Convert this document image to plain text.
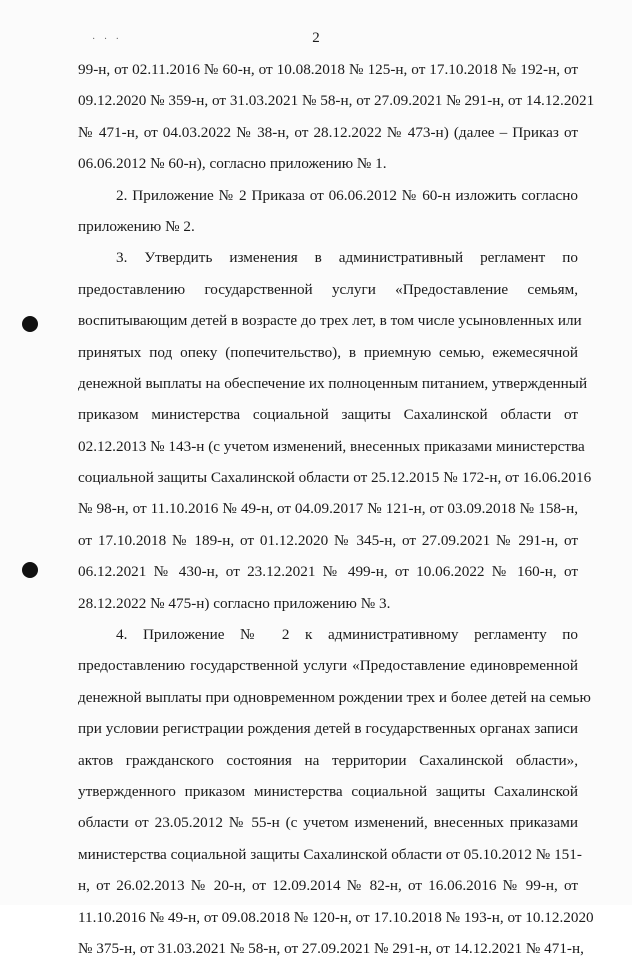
· · ·	2
99-н, от 02.11.2016 № 60-н, от 10.08.2018 № 125-н, от 17.10.2018 № 192-н, от
09.12.2020 № 359-н, от 31.03.2021 № 58-н, от 27.09.2021 № 291-н, от 14.12.2021
№ 471-н, от 04.03.2022 № 38-н, от 28.12.2022 № 473-н) (далее – Приказ от
06.06.2012 № 60-н), согласно приложению № 1.
2. Приложение № 2 Приказа от 06.06.2012 № 60-н изложить согласно
приложению № 2.
3. Утвердить изменения в административный регламент по
предоставлению государственной услуги «Предоставление семьям,
воспитывающим детей в возрасте до трех лет, в том числе усыновленных или
принятых под опеку (попечительство), в приемную семью, ежемесячной
денежной выплаты на обеспечение их полноценным питанием, утвержденный
приказом министерства социальной защиты Сахалинской области от
02.12.2013 № 143-н (с учетом изменений, внесенных приказами министерства
социальной защиты Сахалинской области от 25.12.2015 № 172-н, от 16.06.2016
№ 98-н, от 11.10.2016 № 49-н, от 04.09.2017 № 121-н, от 03.09.2018 № 158-н,
от 17.10.2018 № 189-н, от 01.12.2020 № 345-н, от 27.09.2021 № 291-н, от
06.12.2021 № 430-н, от 23.12.2021 № 499-н, от 10.06.2022 № 160-н, от
28.12.2022 № 475-н) согласно приложению № 3.
4. Приложение № 2 к административному регламенту по
предоставлению государственной услуги «Предоставление единовременной
денежной выплаты при одновременном рождении трех и более детей на семью
при условии регистрации рождения детей в государственных органах записи
актов гражданского состояния на территории Сахалинской области»,
утвержденного приказом министерства социальной защиты Сахалинской
области от 23.05.2012 № 55-н (с учетом изменений, внесенных приказами
министерства социальной защиты Сахалинской области от 05.10.2012 № 151-
н, от 26.02.2013 № 20-н, от 12.09.2014 № 82-н, от 16.06.2016 № 99-н, от
11.10.2016 № 49-н, от 09.08.2018 № 120-н, от 17.10.2018 № 193-н, от 10.12.2020
№ 375-н, от 31.03.2021 № 58-н, от 27.09.2021 № 291-н, от 14.12.2021 № 471-н,
